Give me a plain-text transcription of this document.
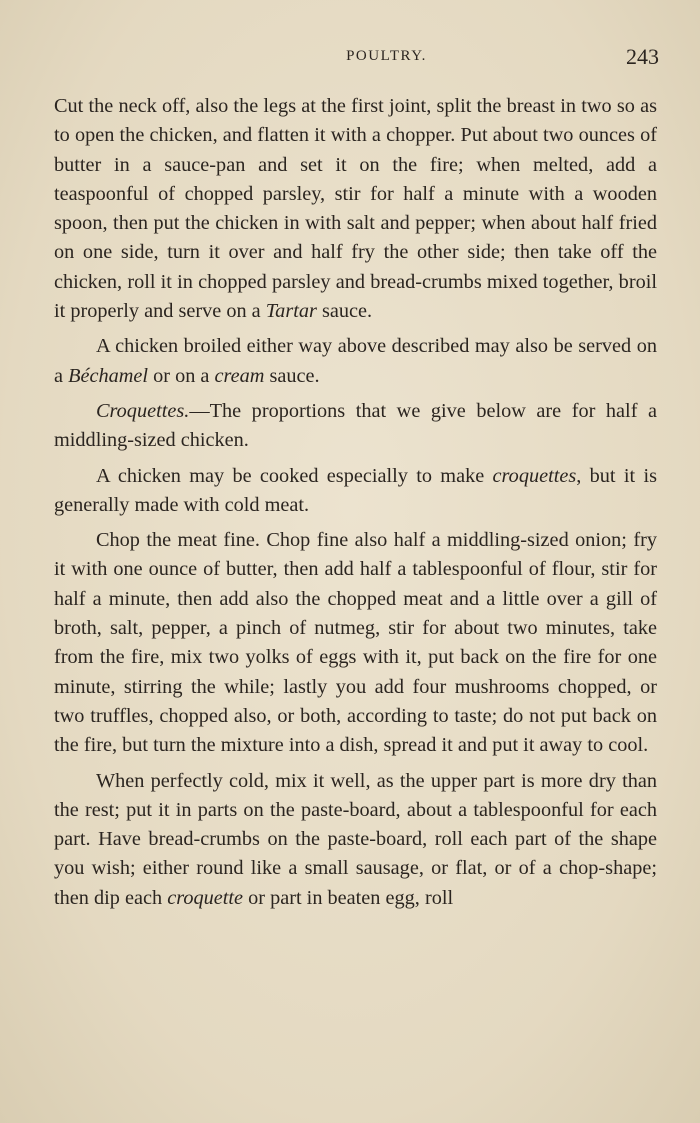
POULTRY.	243

Cut the neck off, also the legs at the first joint, split the breast in two so as to open the chicken, and flatten it with a chopper. Put about two ounces of butter in a sauce-pan and set it on the fire; when melted, add a teaspoonful of chopped parsley, stir for half a minute with a wooden spoon, then put the chicken in with salt and pepper; when about half fried on one side, turn it over and half fry the other side; then take off the chicken, roll it in chopped parsley and bread-crumbs mixed together, broil it properly and serve on a Tartar sauce.

A chicken broiled either way above described may also be served on a Béchamel or on a cream sauce.

Croquettes.—The proportions that we give below are for half a middling-sized chicken.

A chicken may be cooked especially to make croquettes, but it is generally made with cold meat.

Chop the meat fine. Chop fine also half a middling-sized onion; fry it with one ounce of butter, then add half a tablespoonful of flour, stir for half a minute, then add also the chopped meat and a little over a gill of broth, salt, pepper, a pinch of nutmeg, stir for about two minutes, take from the fire, mix two yolks of eggs with it, put back on the fire for one minute, stirring the while; lastly you add four mushrooms chopped, or two truffles, chopped also, or both, according to taste; do not put back on the fire, but turn the mixture into a dish, spread it and put it away to cool.

When perfectly cold, mix it well, as the upper part is more dry than the rest; put it in parts on the paste-board, about a tablespoonful for each part. Have bread-crumbs on the paste-board, roll each part of the shape you wish; either round like a small sausage, or flat, or of a chop-shape; then dip each croquette or part in beaten egg, roll
